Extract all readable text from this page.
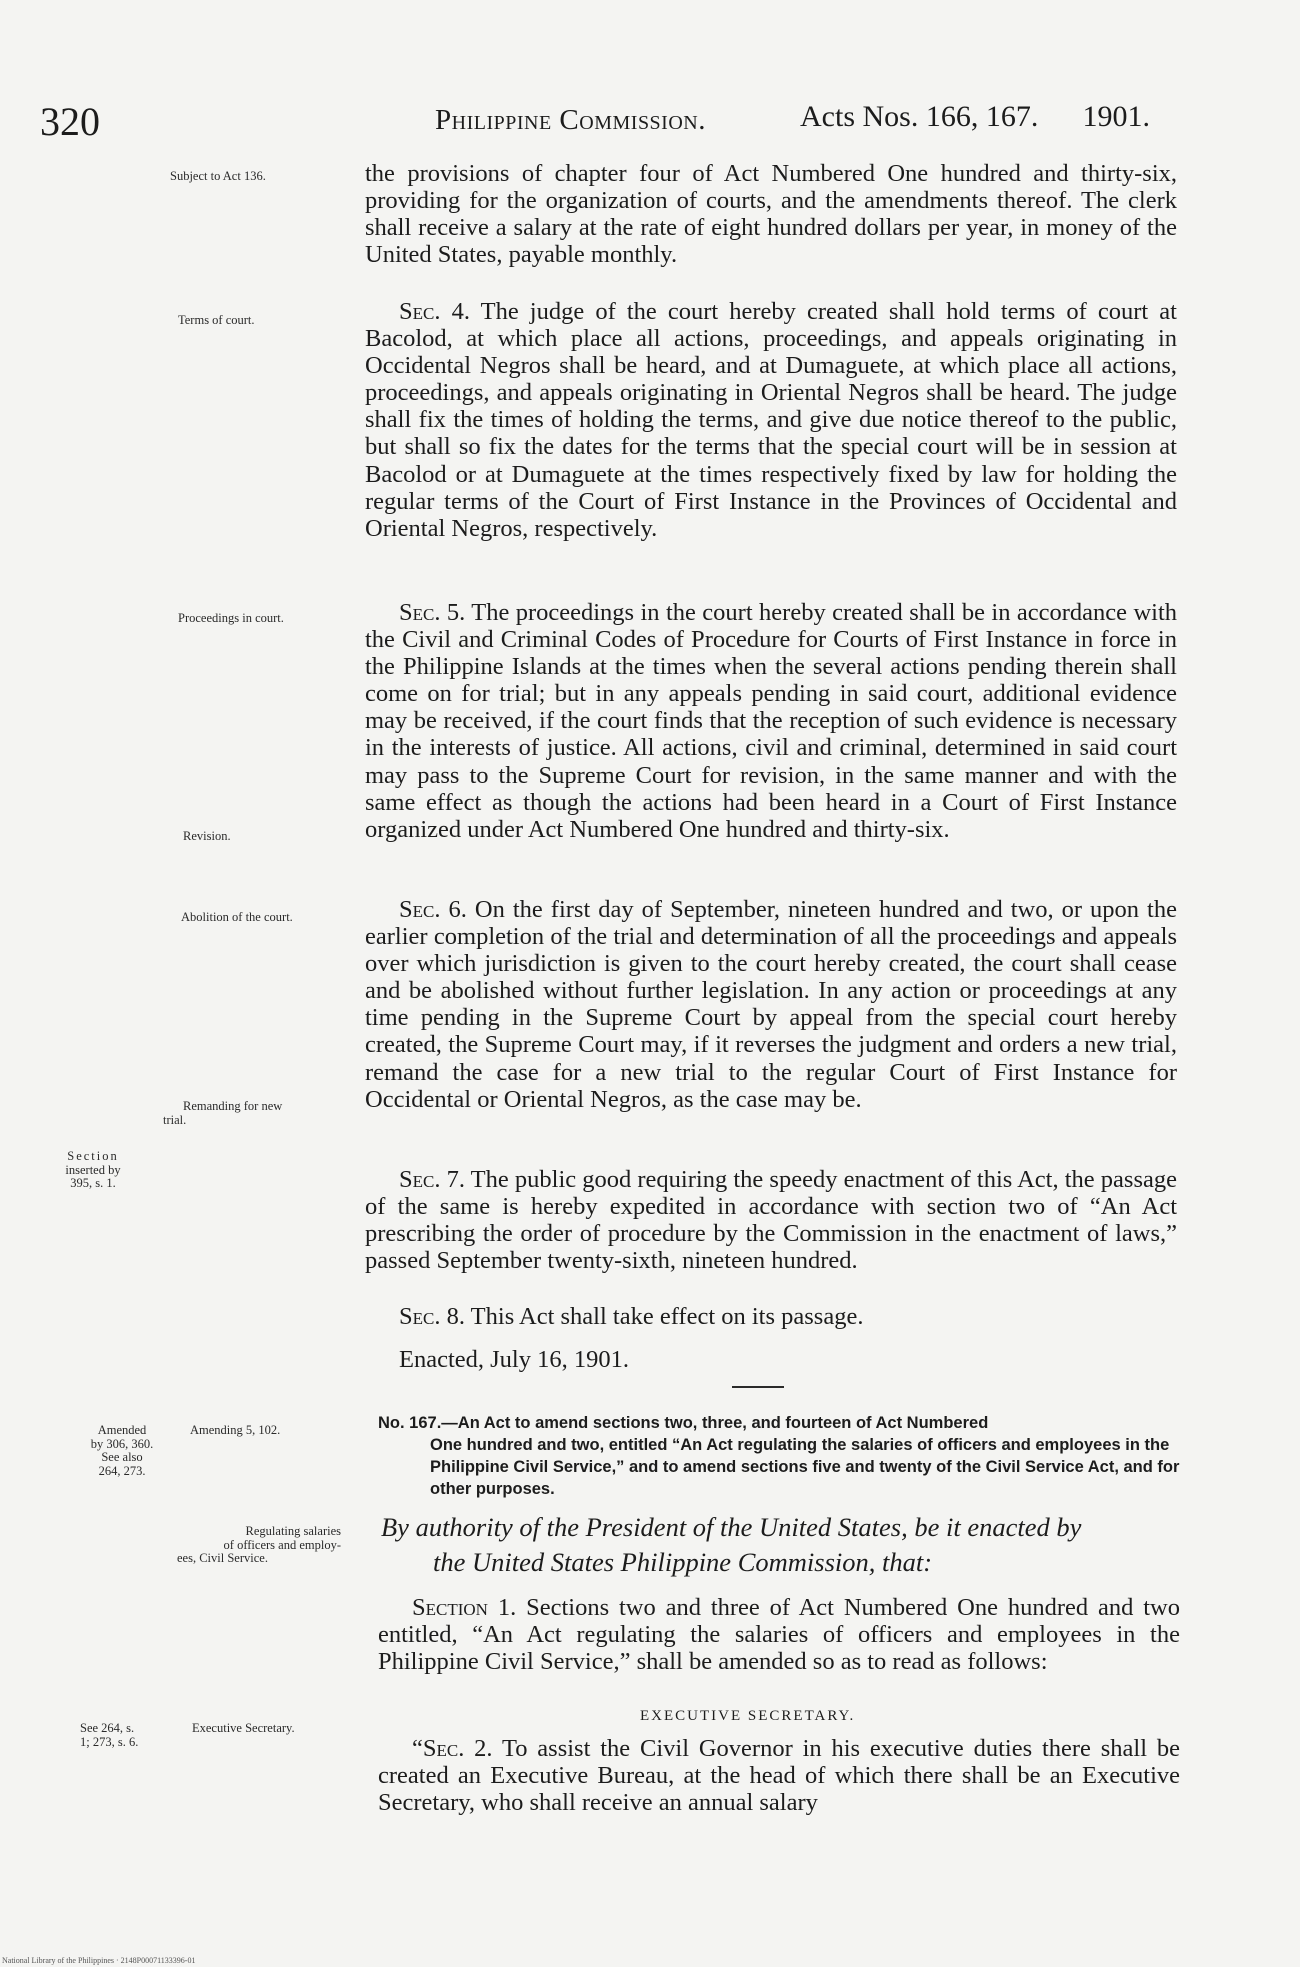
320	Philippine Commission.	Acts Nos. 166, 167. 1901.
Subject to Act 136.
Terms of court.
Proceedings in court.
Revision.
Abolition of the court.
Remanding for new
trial.
Section
inserted by
395, s. 1.
Amended
by 306, 360.
See also
264, 273.
Amending 5, 102.
Regulating salaries
of officers and employ-
ees, Civil Service.
See 264, s.
1; 273, s. 6.
Executive Secretary.

the provisions of chapter four of Act Numbered One hundred and thirty-six, providing for the organization of courts, and the amendments thereof. The clerk shall receive a salary at the rate of eight hundred dollars per year, in money of the United States, payable monthly.

Sec. 4. The judge of the court hereby created shall hold terms of court at Bacolod, at which place all actions, proceedings, and appeals originating in Occidental Negros shall be heard, and at Dumaguete, at which place all actions, proceedings, and appeals originating in Oriental Negros shall be heard. The judge shall fix the times of holding the terms, and give due notice thereof to the public, but shall so fix the dates for the terms that the special court will be in session at Bacolod or at Dumaguete at the times respectively fixed by law for holding the regular terms of the Court of First Instance in the Provinces of Occidental and Oriental Negros, respectively.

Sec. 5. The proceedings in the court hereby created shall be in accordance with the Civil and Criminal Codes of Procedure for Courts of First Instance in force in the Philippine Islands at the times when the several actions pending therein shall come on for trial; but in any appeals pending in said court, additional evidence may be received, if the court finds that the reception of such evidence is necessary in the interests of justice. All actions, civil and criminal, determined in said court may pass to the Supreme Court for revision, in the same manner and with the same effect as though the actions had been heard in a Court of First Instance organized under Act Numbered One hundred and thirty-six.

Sec. 6. On the first day of September, nineteen hundred and two, or upon the earlier completion of the trial and determination of all the proceedings and appeals over which jurisdiction is given to the court hereby created, the court shall cease and be abolished without further legislation. In any action or proceedings at any time pending in the Supreme Court by appeal from the special court hereby created, the Supreme Court may, if it reverses the judgment and orders a new trial, remand the case for a new trial to the regular Court of First Instance for Occidental or Oriental Negros, as the case may be.

Sec. 7. The public good requiring the speedy enactment of this Act, the passage of the same is hereby expedited in accordance with section two of “An Act prescribing the order of procedure by the Commission in the enactment of laws,” passed September twenty-sixth, nineteen hundred.

Sec. 8. This Act shall take effect on its passage.

Enacted, July 16, 1901.

No. 167.—An Act to amend sections two, three, and fourteen of Act Numbered
One hundred and two, entitled “An Act regulating the salaries of officers and employees in the Philippine Civil Service,” and to amend sections five and twenty of the Civil Service Act, and for other purposes.

By authority of the President of the United States, be it enacted by

the United States Philippine Commission, that:

Section 1. Sections two and three of Act Numbered One hundred and two entitled, “An Act regulating the salaries of officers and employees in the Philippine Civil Service,” shall be amended so as to read as follows:

EXECUTIVE SECRETARY.

“Sec. 2. To assist the Civil Governor in his executive duties there shall be created an Executive Bureau, at the head of which there shall be an Executive Secretary, who shall receive an annual salary

National Library of the Philippines · 2148P00071133396-01
